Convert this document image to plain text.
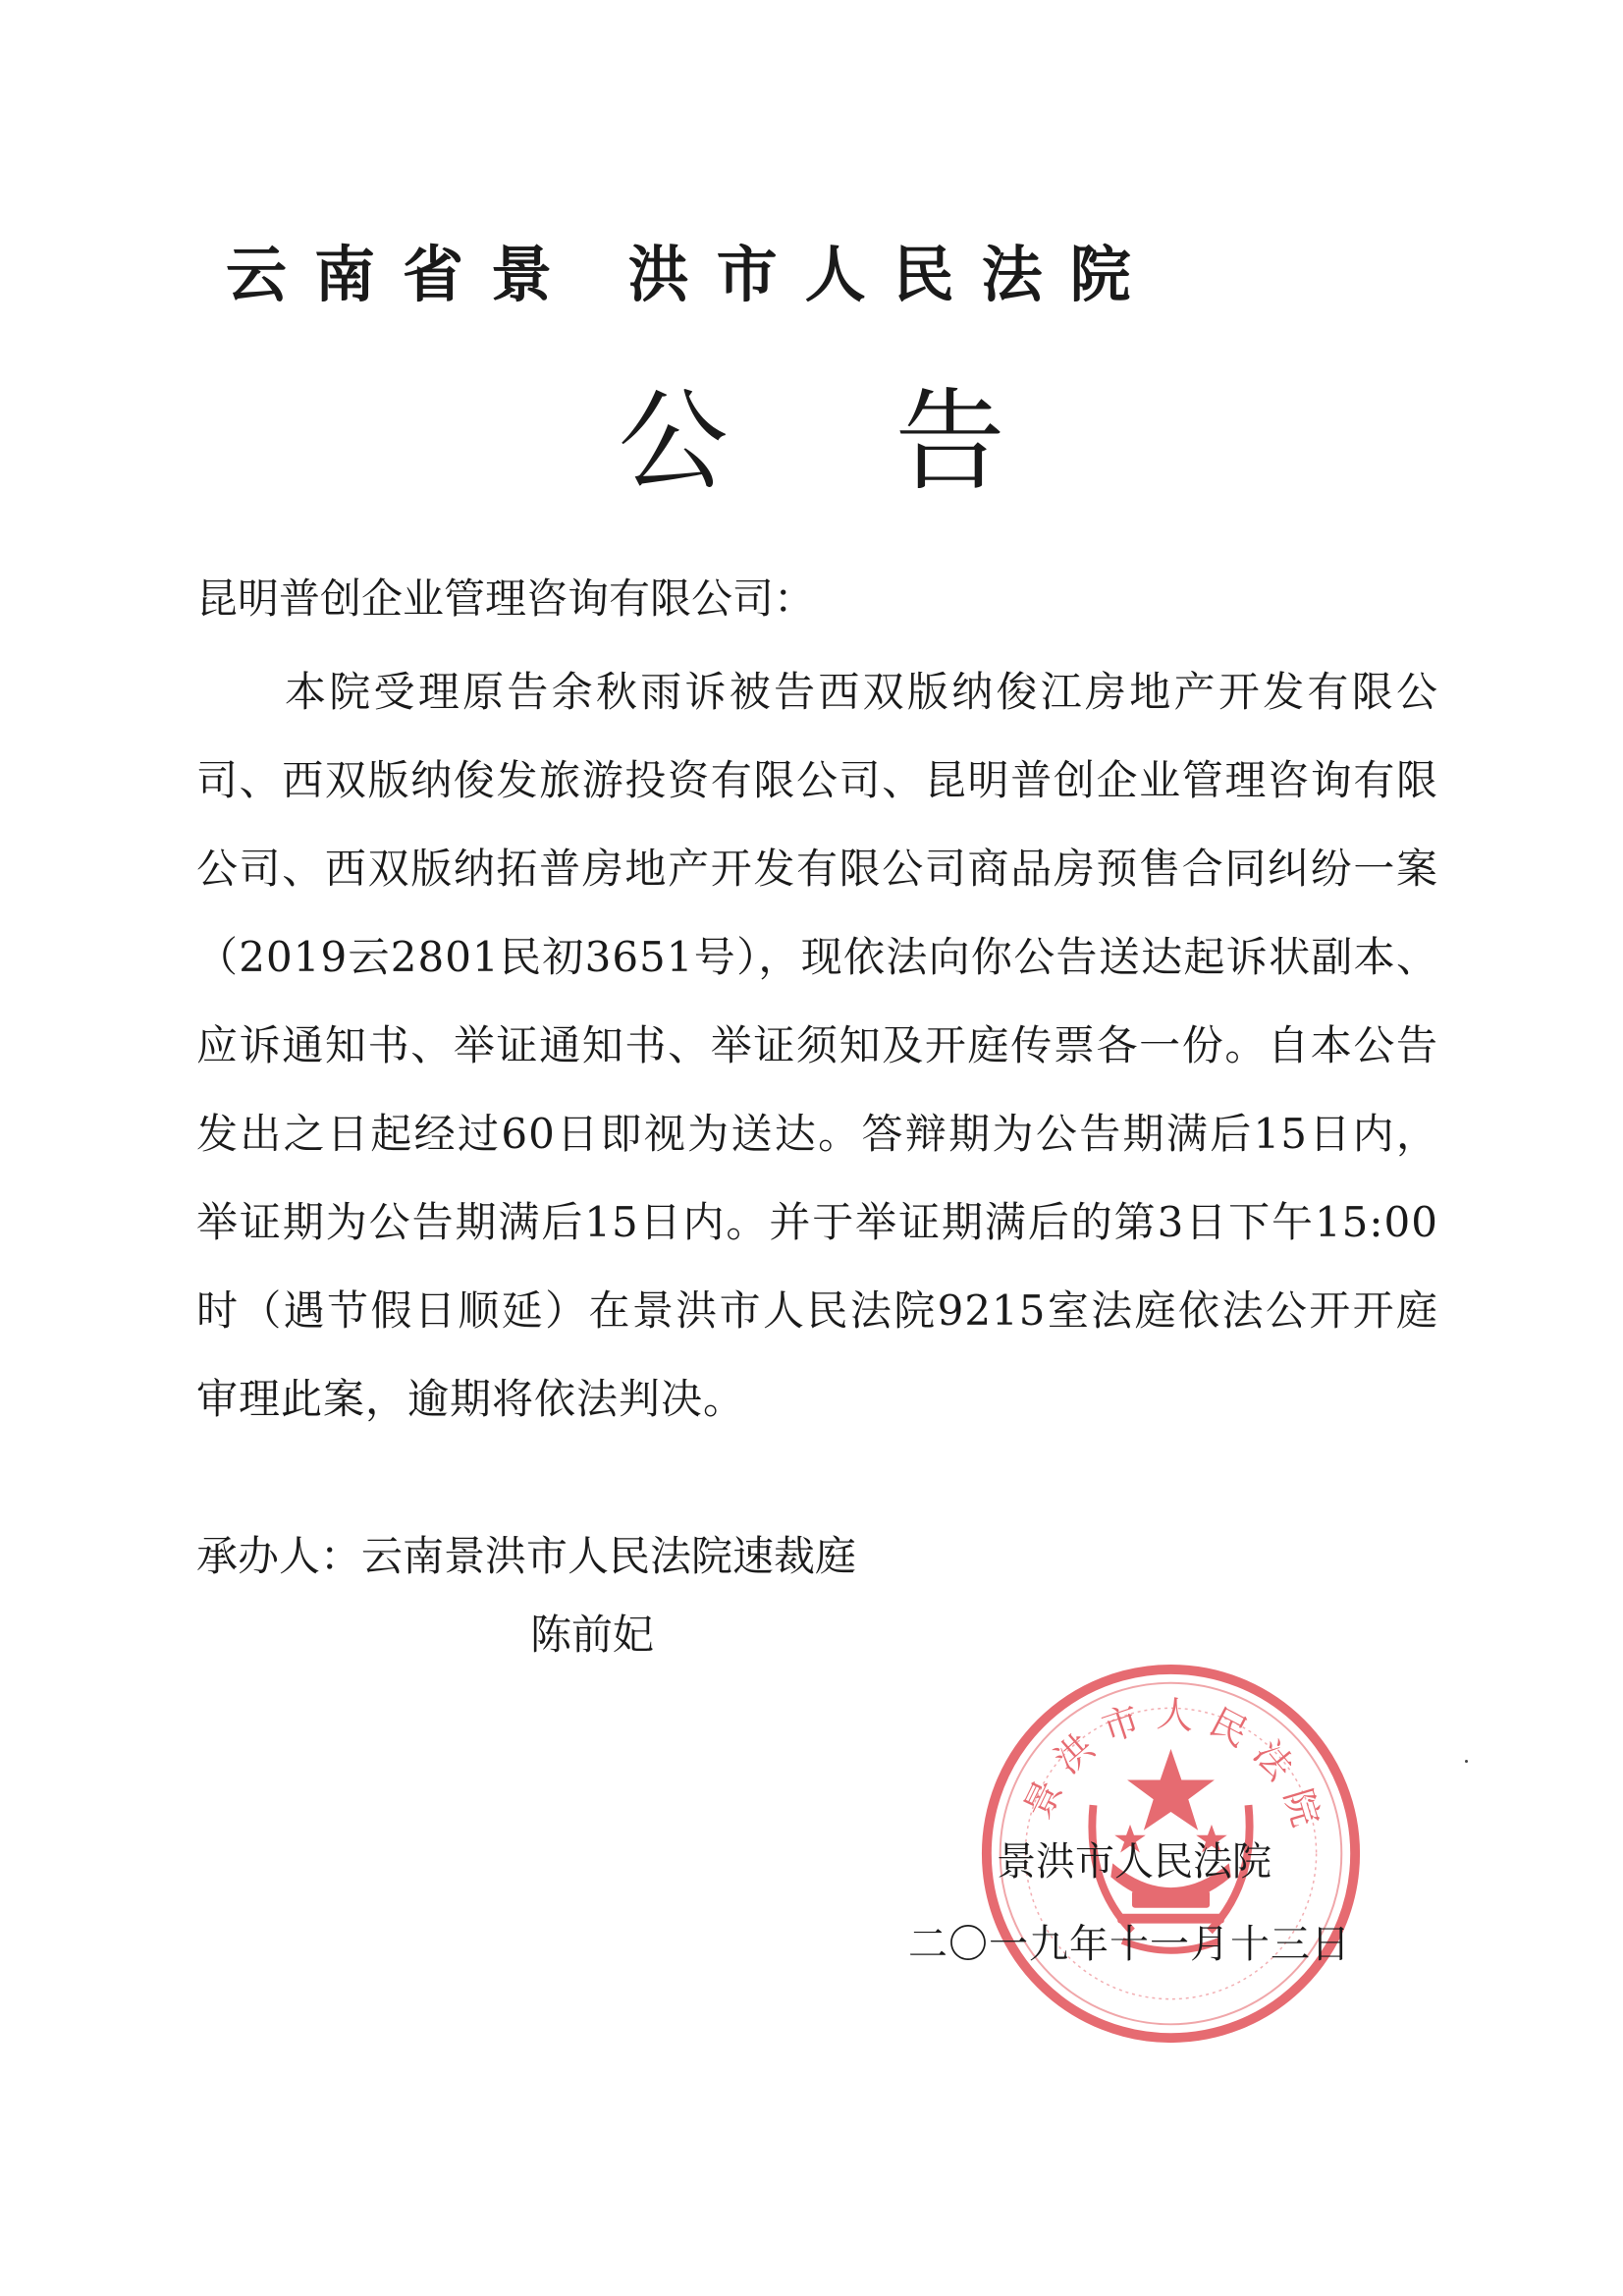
云南省景 洪市人民法院
公告
昆明普创企业管理咨询有限公司：
本院受理原告余秋雨诉被告西双版纳俊江房地产开发有限公司、西双版纳俊发旅游投资有限公司、昆明普创企业管理咨询有限公司、西双版纳拓普房地产开发有限公司商品房预售合同纠纷一案（2019云2801民初3651号），现依法向你公告送达起诉状副本、应诉通知书、举证通知书、举证须知及开庭传票各一份。自本公告发出之日起经过60日即视为送达。答辩期为公告期满后15日内，举证期为公告期满后15日内。并于举证期满后的第3日下午15:00时（遇节假日顺延）在景洪市人民法院9215室法庭依法公开开庭审理此案，逾期将依法判决。
承办人：云南景洪市人民法院速裁庭
陈前妃
景洪市人民法院
景洪市人民法院
二〇一九年十一月十三日
